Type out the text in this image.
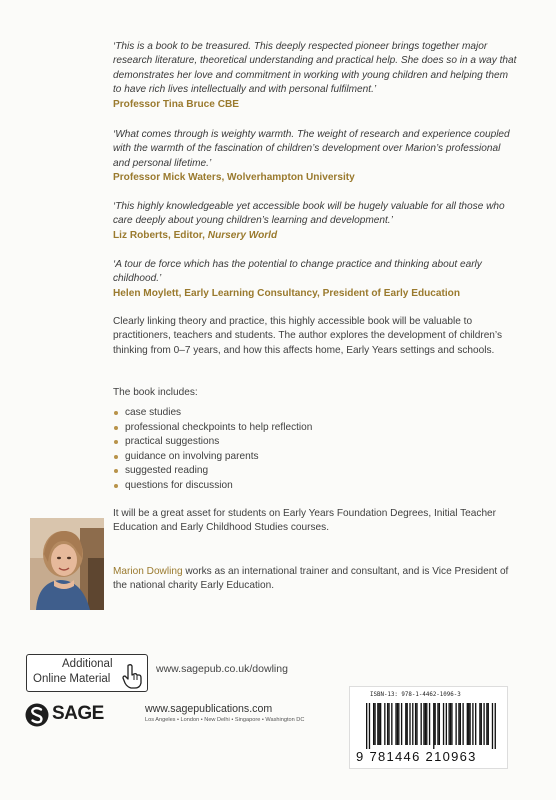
‘This is a book to be treasured. This deeply respected pioneer brings together major research literature, theoretical understanding and practical help. She does so in a way that demonstrates her love and commitment in working with young children and helping them to have rich lives intellectually and with personal fulfilment.’

Professor Tina Bruce CBE

‘What comes through is weighty warmth. The weight of research and experience coupled with the warmth of the fascination of children’s development over Marion’s professional and personal lifetime.’

Professor Mick Waters, Wolverhampton University

‘This highly knowledgeable yet accessible book will be hugely valuable for all those who care deeply about young children’s learning and development.’

Liz Roberts, Editor, Nursery World

‘A tour de force which has the potential to change practice and thinking about early childhood.’

Helen Moylett, Early Learning Consultancy, President of Early Education

Clearly linking theory and practice, this highly accessible book will be valuable to practitioners, teachers and students. The author explores the development of children’s thinking from 0–7 years, and how this affects home, Early Years settings and schools.

The book includes:

case studies
professional checkpoints to help reflection
practical suggestions
guidance on involving parents
suggested reading
questions for discussion

It will be a great asset for students on Early Years Foundation Degrees, Initial Teacher Education and Early Childhood Studies courses.

Marion Dowling works as an international trainer and consultant, and is Vice President of the national charity Early Education.

Additional
Online Material
www.sagepub.co.uk/dowling
SAGE	www.sagepublications.com
Los Angeles • London • New Delhi • Singapore • Washington DC
ISBN-13: 978-1-4462-1096-3
9 781446 210963
